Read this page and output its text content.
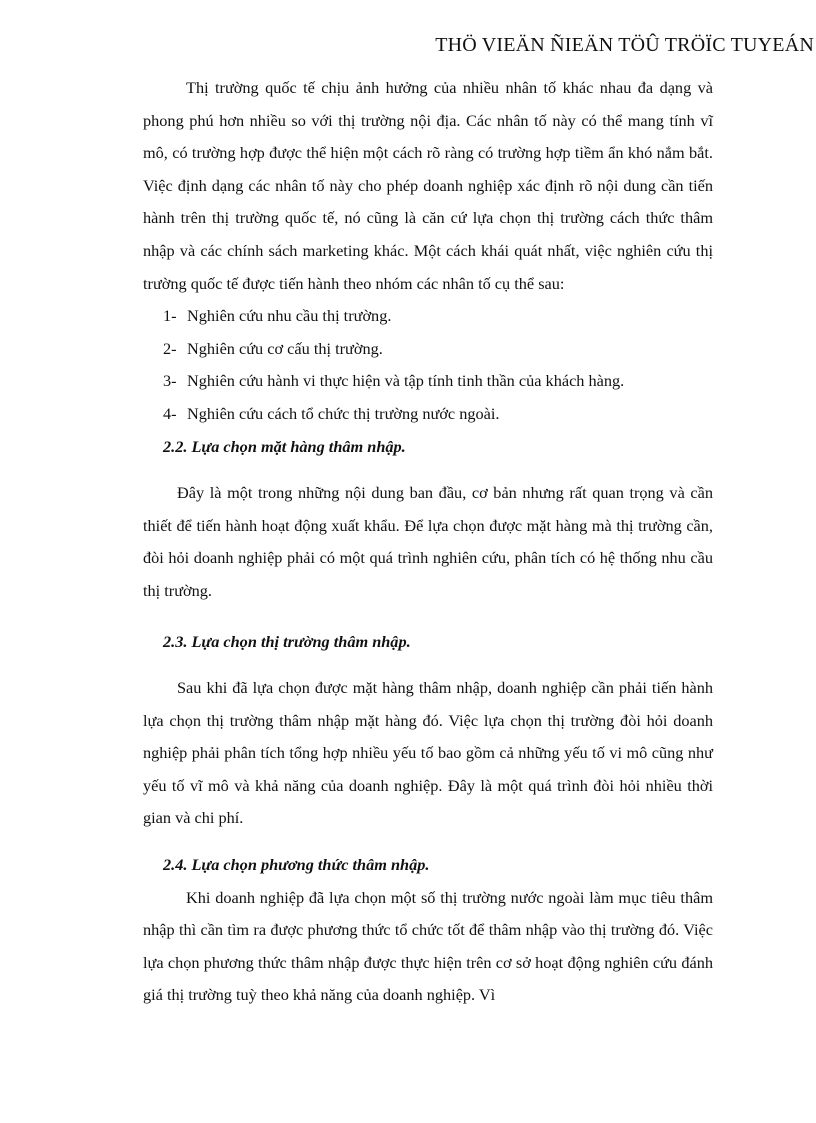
THÖ VIEÄN ÑIEÄN TÖÛ TRÖÏC TUYEÁN

Thị trường quốc tế chịu ảnh hưởng của nhiều nhân tố khác nhau đa dạng và phong phú hơn nhiều so với thị trường nội địa. Các nhân tố này có thể mang tính vĩ mô, có trường hợp được thể hiện một cách rõ ràng có trường hợp tiềm ẩn khó nắm bắt. Việc định dạng các nhân tố này cho phép doanh nghiệp xác định rõ nội dung cần tiến hành trên thị trường quốc tế, nó cũng là căn cứ lựa chọn thị trường cách thức thâm nhập và các chính sách marketing khác. Một cách khái quát nhất, việc nghiên cứu thị trường quốc tế được tiến hành theo nhóm các nhân tố cụ thể sau:

1- Nghiên cứu nhu cầu thị trường.
2- Nghiên cứu cơ cấu thị trường.
3- Nghiên cứu hành vi thực hiện và tập tính tinh thần của khách hàng.
4- Nghiên cứu cách tổ chức thị trường nước ngoài.
2.2. Lựa chọn mặt hàng thâm nhập.

Đây là một trong những nội dung ban đầu, cơ bản nhưng rất quan trọng và cần thiết để tiến hành hoạt động xuất khẩu. Để lựa chọn được mặt hàng mà thị trường cần, đòi hỏi doanh nghiệp phải có một quá trình nghiên cứu, phân tích có hệ thống nhu cầu thị trường.

2.3. Lựa chọn thị trường thâm nhập.

Sau khi đã lựa chọn được mặt hàng thâm nhập, doanh nghiệp cần phải tiến hành lựa chọn thị trường thâm nhập mặt hàng đó. Việc lựa chọn thị trường đòi hỏi doanh nghiệp phải phân tích tổng hợp nhiều yếu tố bao gồm cả những yếu tố vi mô cũng như yếu tố vĩ mô và khả năng của doanh nghiệp. Đây là một quá trình đòi hỏi nhiều thời gian và chi phí.

2.4. Lựa chọn phương thức thâm nhập.

Khi doanh nghiệp đã lựa chọn một số thị trường nước ngoài làm mục tiêu thâm nhập thì cần tìm ra được phương thức tổ chức tốt để thâm nhập vào thị trường đó. Việc lựa chọn phương thức thâm nhập được thực hiện trên cơ sở hoạt động nghiên cứu đánh giá thị trường tuỳ theo khả năng của doanh nghiệp. Vì
